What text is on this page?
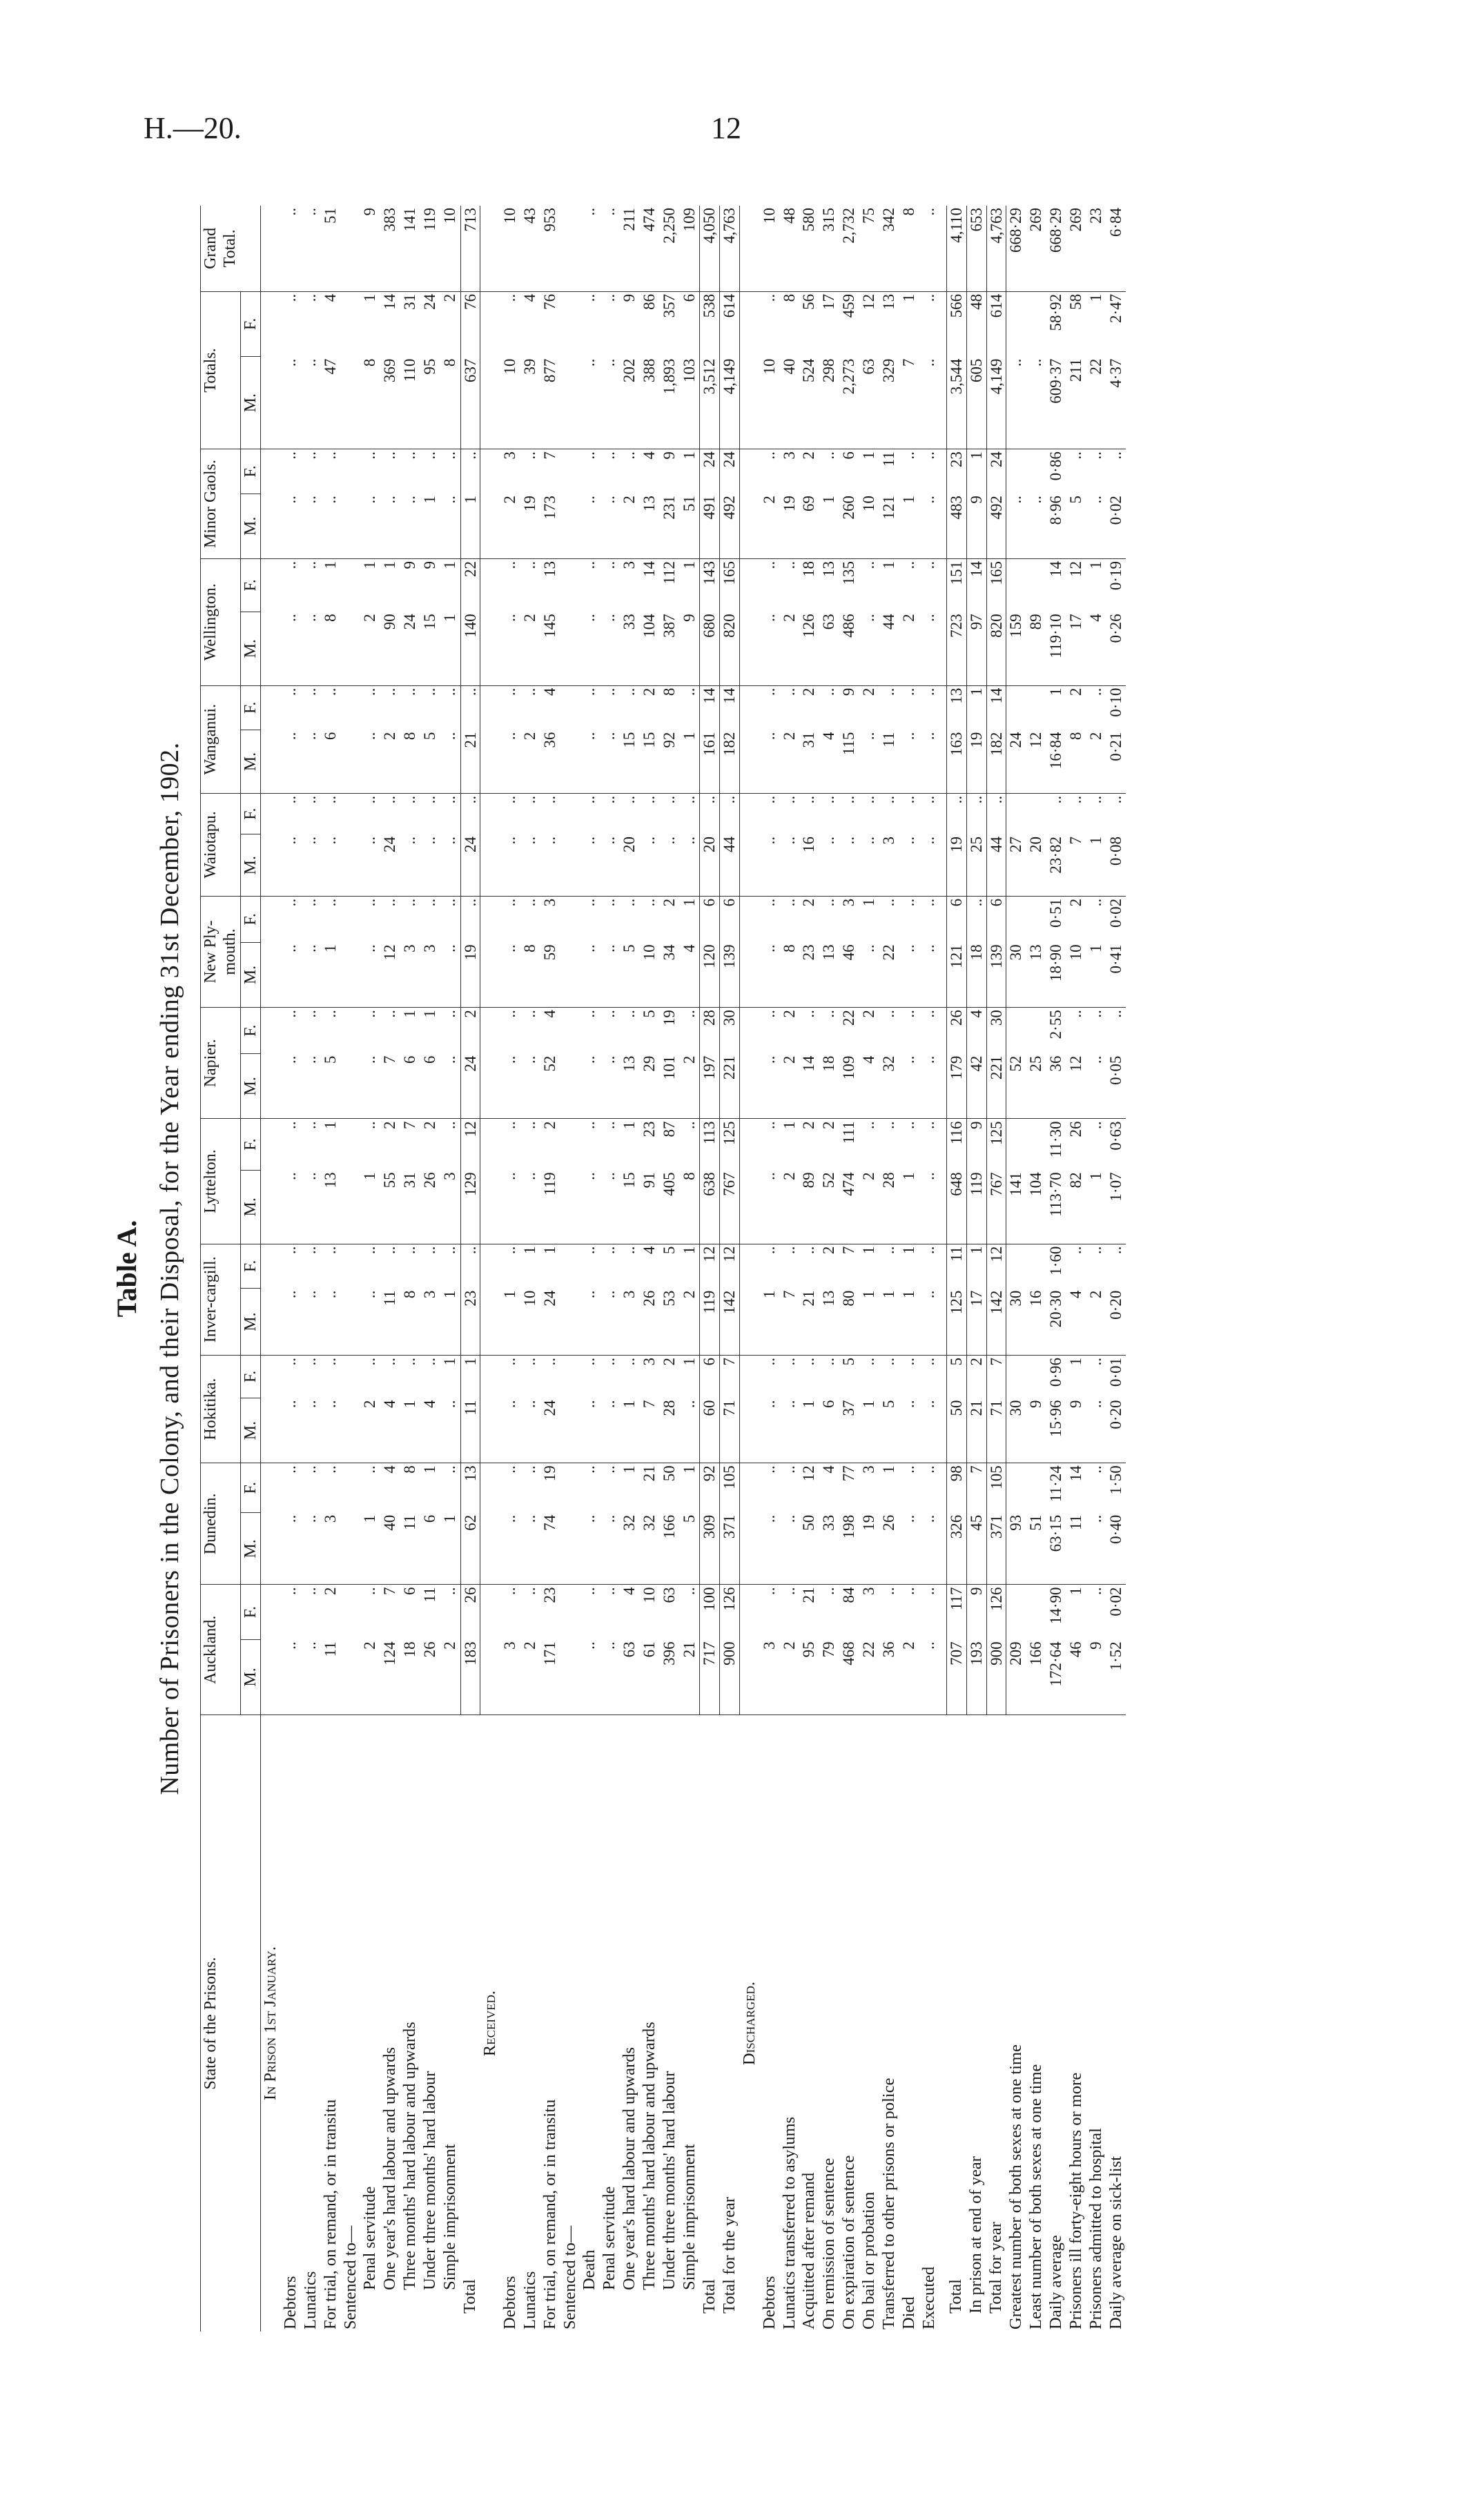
H.—20.	12
Table A. Number of Prisoners in the Colony, and their Disposal, for the Year ending 31st December, 1902.
State of the Prisons.	Auckland.		Dunedin.		Hokitika.		Inver-cargill.		Lyttelton.		Napier.		New Ply-mouth.		Waiotapu.		Wanganui.		Wellington.		Minor Gaols.		Totals.		Grand Total.
	M.	F.	M.	F.	M.	F.	M.	F.	M.	F.	M.	F.	M.	F.	M.	F.	M.	F.	M.	F.	M.	F.	M.	F.	
In Prison 1st January.																									
Debtors	..	..	..	..	..	..	..	..	..	..	..	..	..	..	..	..	..	..	..	..	..	..	..	..	..
Lunatics	..	..	..	..	..	..	..	..	..	..	..	..	..	..	..	..	..	..	..	..	..	..	..	..	..
For trial, on remand, or in transitu	11	2	3	..	..	..	..	..	13	1	5	..	1	..	..	..	6	..	8	1	..	..	47	4	51
Sentenced to—																									
Penal servitude	2	..	1	..	2	..	..	..	1	..	..	..	..	..	..	..	..	..	2	1	..	..	8	1	9
One year's hard labour and upwards	124	7	40	4	4	..	11	..	55	2	7	..	12	..	24	..	2	..	90	1	..	..	369	14	383
Three months' hard labour and upwards	18	6	11	8	1	..	8	..	31	7	6	1	3	..	..	..	8	..	24	9	..	..	110	31	141
Under three months' hard labour	26	11	6	1	4	..	3	..	26	2	6	1	3	..	..	..	5	..	15	9	1	..	95	24	119
Simple imprisonment	2	..	1	..	..	1	1	..	3	..	..	..	..	..	..	..	..	..	1	1	..	..	8	2	10
Total	183	26	62	13	11	1	23	..	129	12	24	2	19	..	24	..	21	..	140	22	1	..	637	76	713
Received.																									
Debtors	3	..	..	..	..	..	1	..	..	..	..	..	..	..	..	..	..	..	..	..	2	3	10	..	10
Lunatics	2	..	..	..	..	..	10	1	..	..	..	..	8	..	..	..	2	..	2	..	19	..	39	4	43
For trial, on remand, or in transitu	171	23	74	19	24	..	24	1	119	2	52	4	59	3	..	..	36	4	145	13	173	7	877	76	953
Sentenced to—																									
Death	..	..	..	..	..	..	..	..	..	..	..	..	..	..	..	..	..	..	..	..	..	..	..	..	..
Penal servitude	..	..	..	..	..	..	..	..	..	..	..	..	..	..	..	..	..	..	..	..	..	..	..	..	..
One year's hard labour and upwards	63	4	32	1	1	..	3	..	15	1	13	..	5	..	20	..	15	..	33	3	2	..	202	9	211
Three months' hard labour and upwards	61	10	32	21	7	3	26	4	91	23	29	5	10	..	..	..	15	2	104	14	13	4	388	86	474
Under three months' hard labour	396	63	166	50	28	2	53	5	405	87	101	19	34	2	..	..	92	8	387	112	231	9	1,893	357	2,250
Simple imprisonment	21	..	5	1	..	1	2	1	8	..	2	..	4	1	..	..	1	..	9	1	51	1	103	6	109
Total	717	100	309	92	60	6	119	12	638	113	197	28	120	6	20	..	161	14	680	143	491	24	3,512	538	4,050
Total for the year	900	126	371	105	71	7	142	12	767	125	221	30	139	6	44	..	182	14	820	165	492	24	4,149	614	4,763
Discharged.																									
Debtors	3	..	..	..	..	..	1	..	..	..	..	..	..	..	..	..	..	..	..	..	2	..	10	..	10
Lunatics transferred to asylums	2	..	..	..	..	..	7	..	2	1	2	2	8	..	..	..	2	..	2	..	19	3	40	8	48
Acquitted after remand	95	21	50	12	1	..	21	..	89	2	14	..	23	2	16	..	31	2	126	18	69	2	524	56	580
On remission of sentence	79	..	33	4	6	..	13	2	52	2	18	..	13	..	..	..	4	..	63	13	1	..	298	17	315
On expiration of sentence	468	84	198	77	37	5	80	7	474	111	109	22	46	3	..	..	115	9	486	135	260	6	2,273	459	2,732
On bail or probation	22	3	19	3	1	..	1	1	2	..	4	2	..	1	..	..	..	2	..	..	10	1	63	12	75
Transferred to other prisons or police	36	..	26	1	5	..	1	..	28	..	32	..	22	..	3	..	11	..	44	1	121	11	329	13	342
Died	2	..	..	..	..	..	1	1	1	..	..	..	..	..	..	..	..	..	2	..	1	..	7	1	8
Executed	..	..	..	..	..	..	..	..	..	..	..	..	..	..	..	..	..	..	..	..	..	..	..	..	..

Total	707	117	326	98	50	5	125	11	648	116	179	26	121	6	19	..	163	13	723	151	483	23	3,544	566	4,110
In prison at end of year	193	9	45	7	21	2	17	1	119	9	42	4	18	..	25	..	19	1	97	14	9	1	605	48	653
Total for year	900	126	371	105	71	7	142	12	767	125	221	30	139	6	44	..	182	14	820	165	492	24	4,149	614	4,763
Greatest number of both sexes at one time	209		93		30		30		141		52		30		27		24		159		..		..		668·29
Least number of both sexes at one time	166		51		9		16		104		25		13		20		12		89		..		..		269
Daily average	172·64	14·90	63·15	11·24	15·96	0·96	20·30	1·60	113·70	11·30	36	2·55	18·90	0·51	23·82	..	16·84	1	119·10	14	8·96	0·86	609·37	58·92	668·29
Prisoners ill forty-eight hours or more	46	1	11	14	9	1	4	..	82	26	12	..	10	2	7	..	8	2	17	12	5	..	211	58	269
Prisoners admitted to hospital	9	..	..	..	..	..	2	..	1	..	..	..	1	..	1	..	2	..	4	1	..	..	22	1	23
Daily average on sick-list	1·52	0·02	0·40	1·50	0·20	0·01	0·20	..	1·07	0·63	0·05	..	0·41	0·02	0·08	..	0·21	0·10	0·26	0·19	0·02	..	4·37	2·47	6·84
